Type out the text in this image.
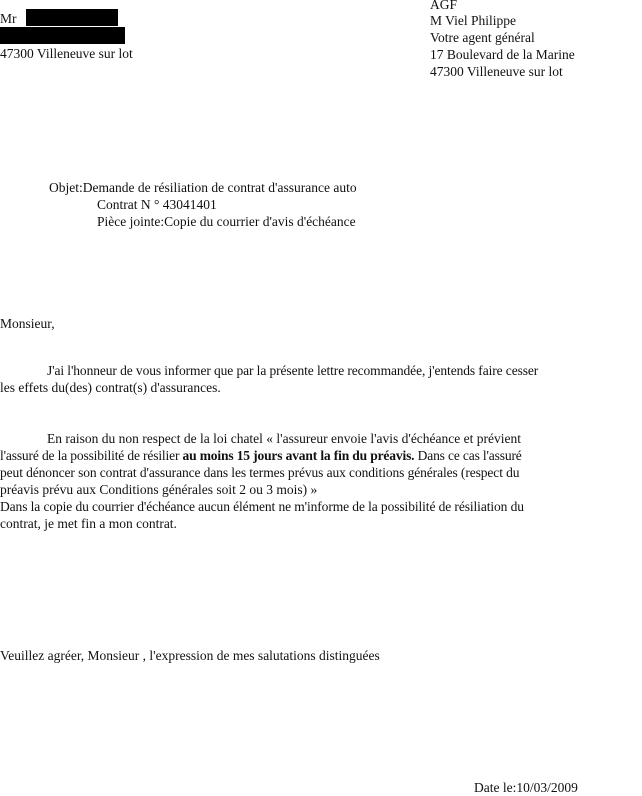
Mr
47300 Villeneuve sur lot
AGF
M Viel Philippe
Votre agent général
17 Boulevard de la Marine
47300 Villeneuve sur lot
Objet:Demande de résiliation de contrat d'assurance auto
Contrat N ° 43041401
Pièce jointe:Copie du courrier d'avis d'échéance
Monsieur,
J'ai l'honneur de vous informer que par la présente lettre recommandée, j'entends faire cesser
les effets du(des) contrat(s) d'assurances.
En raison du non respect de la loi chatel « l'assureur envoie l'avis d'échéance et prévient
l'assuré de la possibilité de résilier au moins 15 jours avant la fin du préavis. Dans ce cas l'assuré
peut dénoncer son contrat d'assurance dans les termes prévus aux conditions générales (respect du
préavis prévu aux Conditions générales soit 2 ou 3 mois) »
Dans la copie du courrier d'échéance aucun élément ne m'informe de la possibilité de résiliation du
contrat, je met fin a mon contrat.
Veuillez agréer, Monsieur , l'expression de mes salutations distinguées
Date le:10/03/2009
